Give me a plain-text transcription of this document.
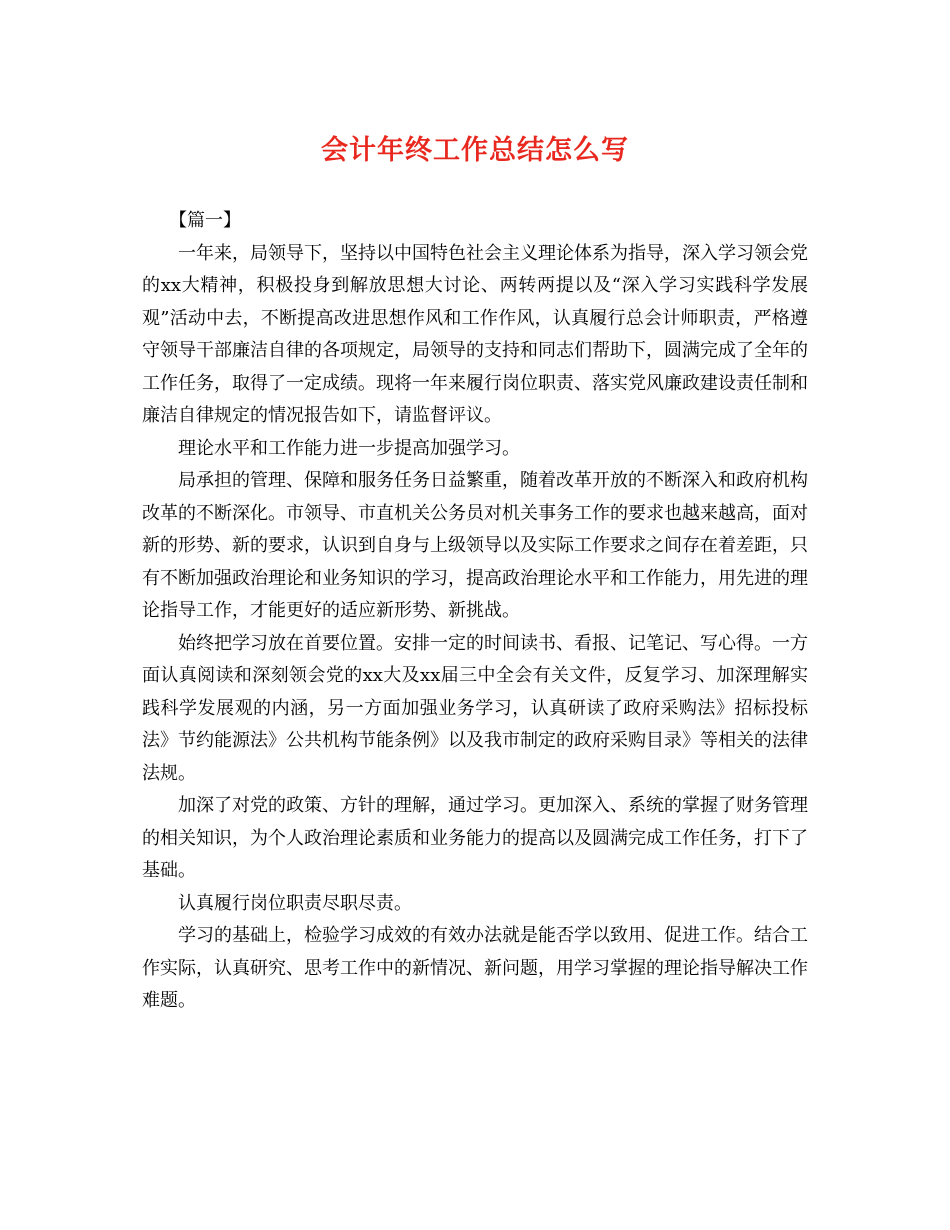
会计年终工作总结怎么写

【篇一】

一年来，局领导下，坚持以中国特色社会主义理论体系为指导，深入学习领会党的xx大精神，积极投身到解放思想大讨论、两转两提以及“深入学习实践科学发展观”活动中去，不断提高改进思想作风和工作作风，认真履行总会计师职责，严格遵守领导干部廉洁自律的各项规定，局领导的支持和同志们帮助下，圆满完成了全年的工作任务，取得了一定成绩。现将一年来履行岗位职责、落实党风廉政建设责任制和廉洁自律规定的情况报告如下，请监督评议。

理论水平和工作能力进一步提高加强学习。

局承担的管理、保障和服务任务日益繁重，随着改革开放的不断深入和政府机构改革的不断深化。市领导、市直机关公务员对机关事务工作的要求也越来越高，面对新的形势、新的要求，认识到自身与上级领导以及实际工作要求之间存在着差距，只有不断加强政治理论和业务知识的学习，提高政治理论水平和工作能力，用先进的理论指导工作，才能更好的适应新形势、新挑战。

始终把学习放在首要位置。安排一定的时间读书、看报、记笔记、写心得。一方面认真阅读和深刻领会党的xx大及xx届三中全会有关文件，反复学习、加深理解实践科学发展观的内涵，另一方面加强业务学习，认真研读了政府采购法》招标投标法》节约能源法》公共机构节能条例》以及我市制定的政府采购目录》等相关的法律法规。

加深了对党的政策、方针的理解，通过学习。更加深入、系统的掌握了财务管理的相关知识，为个人政治理论素质和业务能力的提高以及圆满完成工作任务，打下了基础。

认真履行岗位职责尽职尽责。

学习的基础上，检验学习成效的有效办法就是能否学以致用、促进工作。结合工作实际，认真研究、思考工作中的新情况、新问题，用学习掌握的理论指导解决工作难题。
